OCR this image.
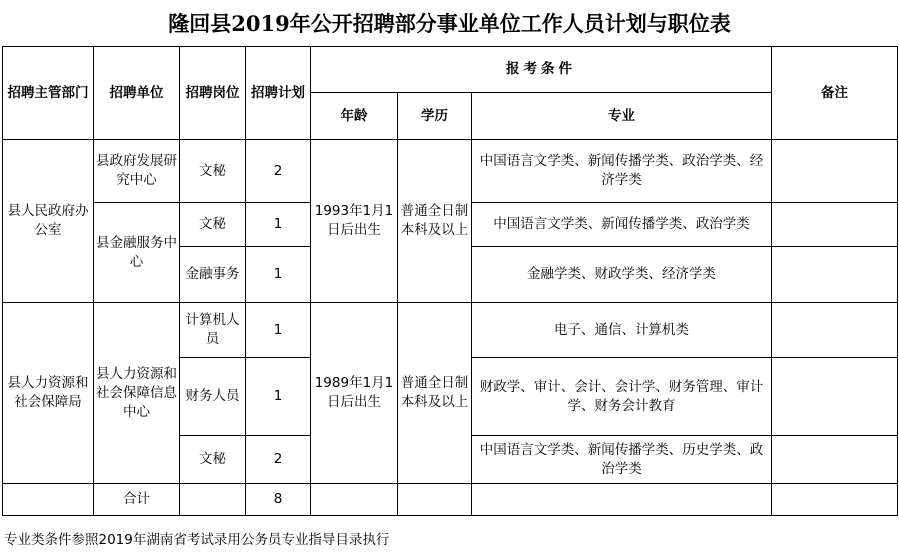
隆回县2019年公开招聘部分事业单位工作人员计划与职位表
招聘主管部门	招聘单位	招聘岗位	招聘计划	报考条件			备注
				年龄	学历	专业	
县人民政府办公室	县政府发展研究中心	文秘	2	1993年1月1日后出生	普通全日制本科及以上	中国语言文学类、新闻传播学类、政治学类、经济学类	
	县金融服务中心	文秘	1			中国语言文学类、新闻传播学类、政治学类	
		金融事务	1			金融学类、财政学类、经济学类	
县人力资源和社会保障局	县人力资源和社会保障信息中心	计算机人员	1	1989年1月1日后出生	普通全日制本科及以上	电子、通信、计算机类	
		财务人员	1			财政学、审计、会计、会计学、财务管理、审计学、财务会计教育	
		文秘	2			中国语言文学类、新闻传播学类、历史学类、政治学类	
	合计		8				
专业类条件参照2019年湖南省考试录用公务员专业指导目录执行
